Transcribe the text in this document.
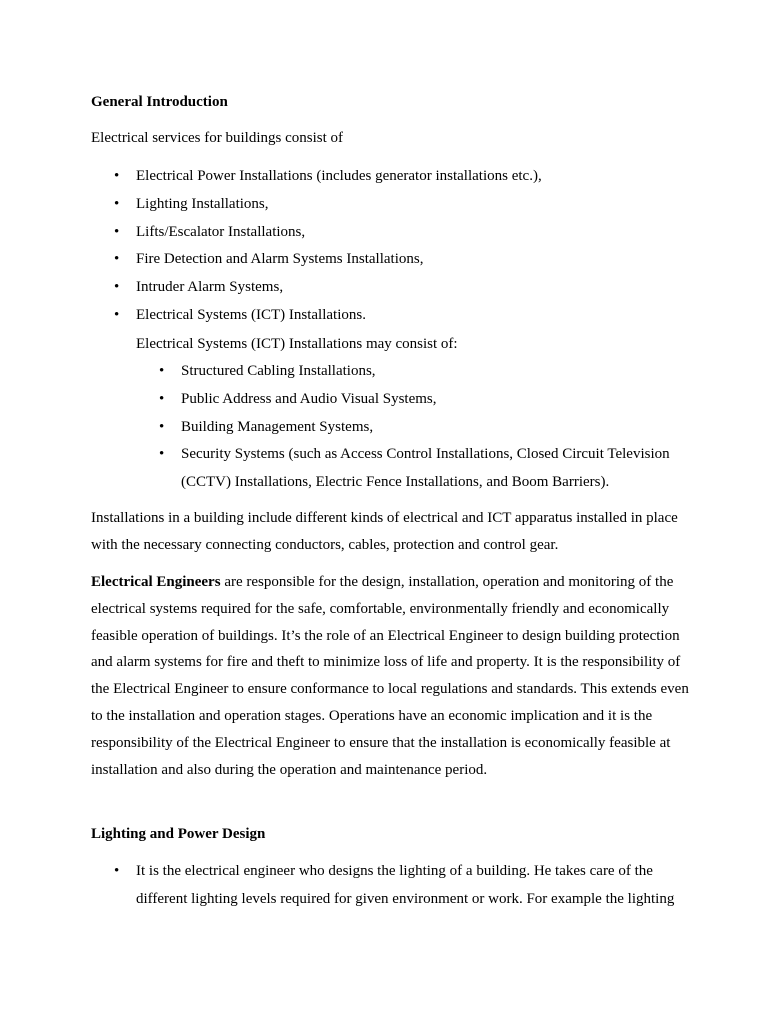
General Introduction

Electrical services for buildings consist of

• Electrical Power Installations (includes generator installations etc.),
• Lighting Installations,
• Lifts/Escalator Installations,
• Fire Detection and Alarm Systems Installations,
• Intruder Alarm Systems,
• Electrical Systems (ICT) Installations.

Electrical Systems (ICT) Installations may consist of:

• Structured Cabling Installations,
• Public Address and Audio Visual Systems,
• Building Management Systems,
• Security Systems (such as Access Control Installations, Closed Circuit Television (CCTV) Installations, Electric Fence Installations, and Boom Barriers).

Installations in a building include different kinds of electrical and ICT apparatus installed in place with the necessary connecting conductors, cables, protection and control gear.

Electrical Engineers are responsible for the design, installation, operation and monitoring of the electrical systems required for the safe, comfortable, environmentally friendly and economically feasible operation of buildings. It’s the role of an Electrical Engineer to design building protection and alarm systems for fire and theft to minimize loss of life and property. It is the responsibility of the Electrical Engineer to ensure conformance to local regulations and standards. This extends even to the installation and operation stages. Operations have an economic implication and it is the responsibility of the Electrical Engineer to ensure that the installation is economically feasible at installation and also during the operation and maintenance period.

Lighting and Power Design
• It is the electrical engineer who designs the lighting of a building. He takes care of the different lighting levels required for given environment or work. For example the lighting
